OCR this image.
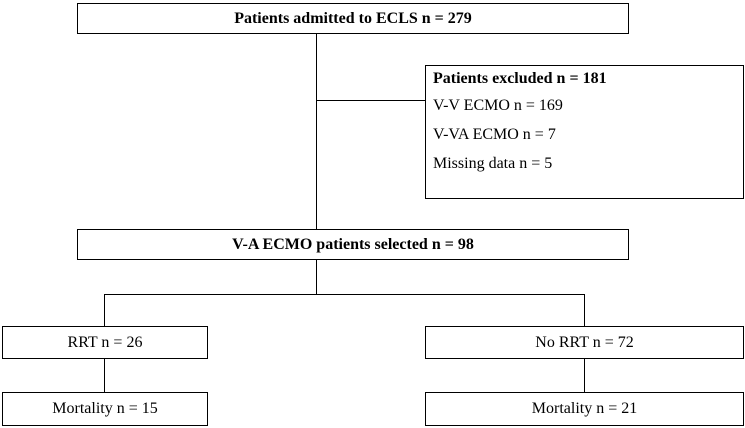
Patients admitted to ECLS n = 279
Patients excluded n = 181
V-V ECMO n = 169
V-VA ECMO n = 7
Missing data n = 5
V-A ECMO patients selected n = 98
RRT n = 26	No RRT n = 72
Mortality n = 15	Mortality n = 21
